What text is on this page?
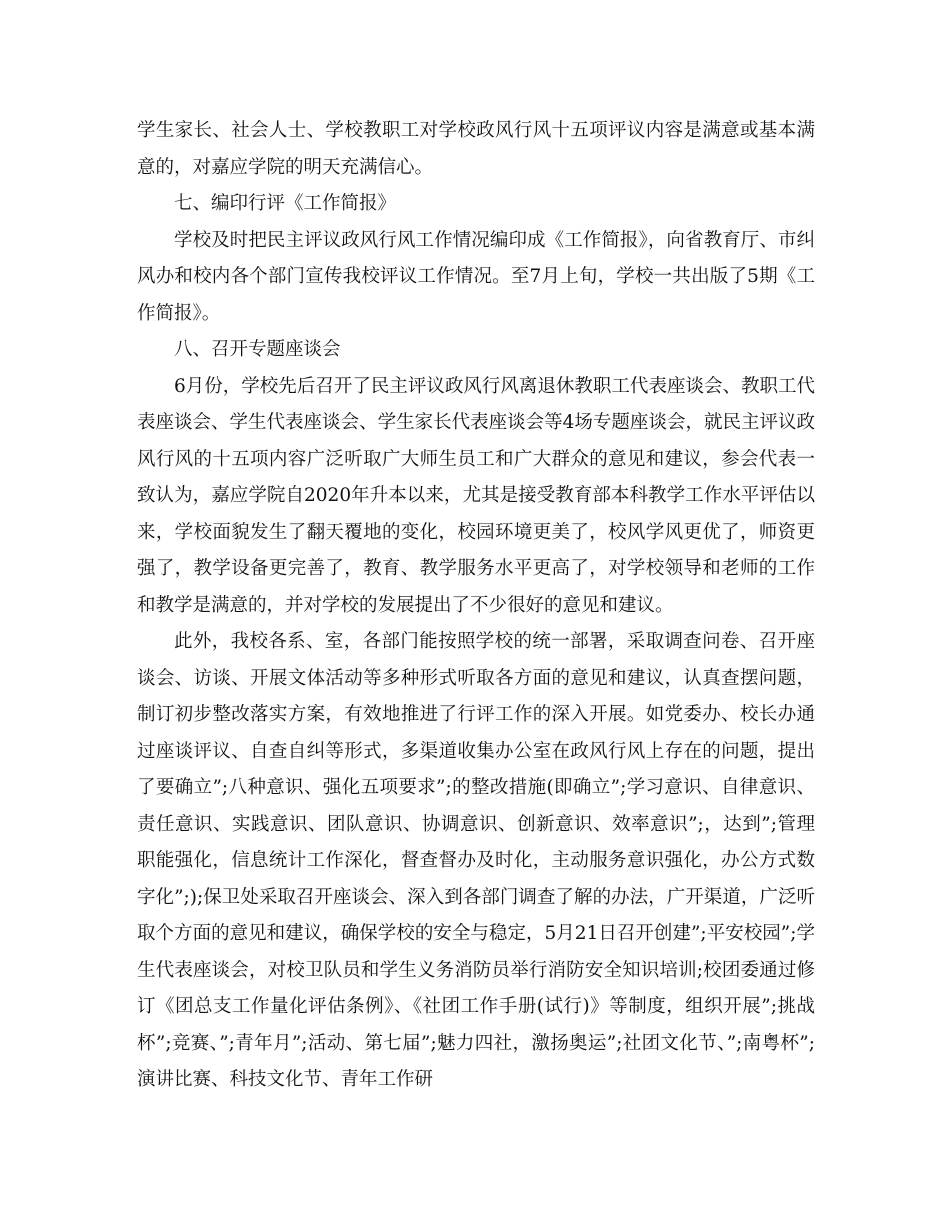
学生家长、社会人士、学校教职工对学校政风行风十五项评议内容是满意或基本满意的，对嘉应学院的明天充满信心。

七、编印行评《工作简报》

学校及时把民主评议政风行风工作情况编印成《工作简报》，向省教育厅、市纠风办和校内各个部门宣传我校评议工作情况。至7月上旬，学校一共出版了5期《工作简报》。

八、召开专题座谈会

6月份，学校先后召开了民主评议政风行风离退休教职工代表座谈会、教职工代表座谈会、学生代表座谈会、学生家长代表座谈会等4场专题座谈会，就民主评议政风行风的十五项内容广泛听取广大师生员工和广大群众的意见和建议，参会代表一致认为，嘉应学院自2020年升本以来，尤其是接受教育部本科教学工作水平评估以来，学校面貌发生了翻天覆地的变化，校园环境更美了，校风学风更优了，师资更强了，教学设备更完善了，教育、教学服务水平更高了，对学校领导和老师的工作和教学是满意的，并对学校的发展提出了不少很好的意见和建议。

此外，我校各系、室，各部门能按照学校的统一部署，采取调查问卷、召开座谈会、访谈、开展文体活动等多种形式听取各方面的意见和建议，认真查摆问题，制订初步整改落实方案，有效地推进了行评工作的深入开展。如党委办、校长办通过座谈评议、自查自纠等形式，多渠道收集办公室在政风行风上存在的问题，提出了要确立”;八种意识、强化五项要求”;的整改措施(即确立”;学习意识、自律意识、责任意识、实践意识、团队意识、协调意识、创新意识、效率意识”;，达到”;管理职能强化，信息统计工作深化，督查督办及时化，主动服务意识强化，办公方式数字化”;);保卫处采取召开座谈会、深入到各部门调查了解的办法，广开渠道，广泛听取个方面的意见和建议，确保学校的安全与稳定，5月21日召开创建”;平安校园”;学生代表座谈会，对校卫队员和学生义务消防员举行消防安全知识培训;校团委通过修订《团总支工作量化评估条例》、《社团工作手册(试行)》等制度，组织开展”;挑战杯”;竞赛、”;青年月”;活动、第七届”;魅力四社，激扬奥运”;社团文化节、”;南粤杯”;演讲比赛、科技文化节、青年工作研
